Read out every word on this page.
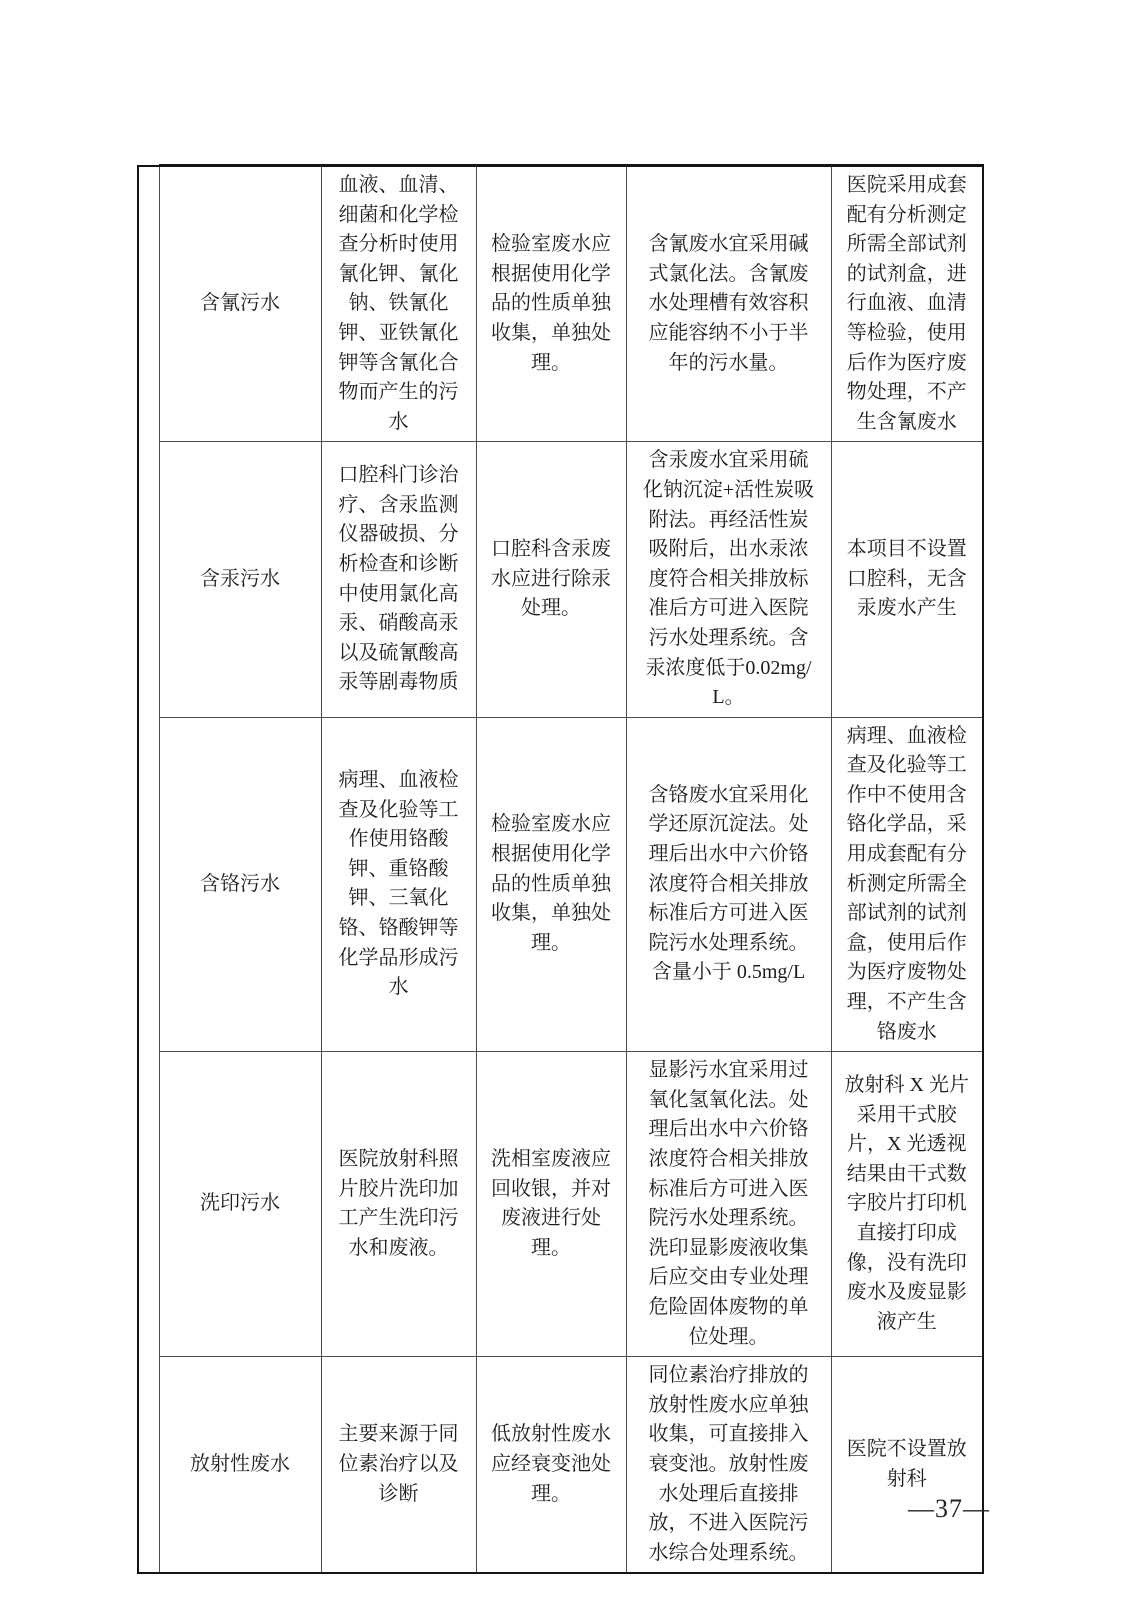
	含氰污水	血液、血清、细菌和化学检查分析时使用氰化钾、氰化钠、铁氰化钾、亚铁氰化钾等含氰化合物而产生的污水	检验室废水应根据使用化学品的性质单独收集，单独处理。	含氰废水宜采用碱式氯化法。含氰废水处理槽有效容积应能容纳不小于半年的污水量。	医院采用成套配有分析测定所需全部试剂的试剂盒，进行血液、血清等检验，使用后作为医疗废物处理，不产生含氰废水
	含汞污水	口腔科门诊治疗、含汞监测仪器破损、分析检查和诊断中使用氯化高汞、硝酸高汞以及硫氰酸高汞等剧毒物质	口腔科含汞废水应进行除汞处理。	含汞废水宜采用硫化钠沉淀+活性炭吸附法。再经活性炭吸附后，出水汞浓度符合相关排放标准后方可进入医院污水处理系统。含汞浓度低于0.02mg/L。	本项目不设置口腔科，无含汞废水产生
	含铬污水	病理、血液检查及化验等工作使用铬酸钾、重铬酸钾、三氧化铬、铬酸钾等化学品形成污水	检验室废水应根据使用化学品的性质单独收集，单独处理。	含铬废水宜采用化学还原沉淀法。处理后出水中六价铬浓度符合相关排放标准后方可进入医院污水处理系统。含量小于 0.5mg/L	病理、血液检查及化验等工作中不使用含铬化学品，采用成套配有分析测定所需全部试剂的试剂盒，使用后作为医疗废物处理，不产生含铬废水
	洗印污水	医院放射科照片胶片洗印加工产生洗印污水和废液。	洗相室废液应回收银，并对废液进行处理。	显影污水宜采用过氧化氢氧化法。处理后出水中六价铬浓度符合相关排放标准后方可进入医院污水处理系统。洗印显影废液收集后应交由专业处理危险固体废物的单位处理。	放射科 X 光片采用干式胶片，X 光透视结果由干式数字胶片打印机直接打印成像，没有洗印废水及废显影液产生
	放射性废水	主要来源于同位素治疗以及诊断	低放射性废水应经衰变池处理。	同位素治疗排放的放射性废水应单独收集，可直接排入衰变池。放射性废水处理后直接排放，不进入医院污水综合处理系统。	医院不设置放射科
—37—
